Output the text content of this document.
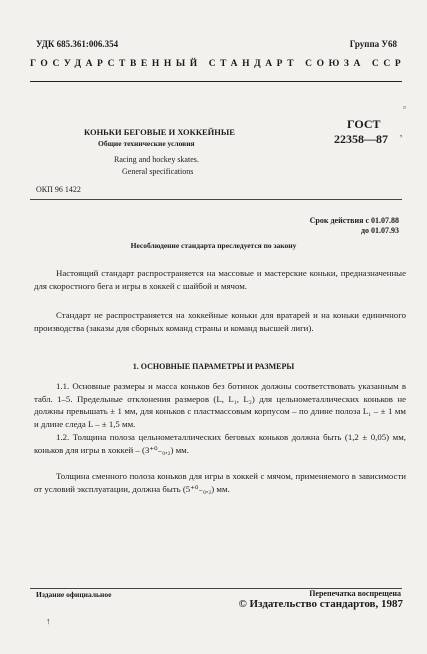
УДК 685.361:006.354	Группа У68
ГОСУДАРСТВЕННЫЙ СТАНДАРТ СОЮЗА ССР
▫
,
КОНЬКИ БЕГОВЫЕ И ХОККЕЙНЫЕ
Общие технические условия
Racing and hockey skates.
General specifications
ГОСТ
22358—87
ОКП 96 1422
Срок действия с 01.07.88
до 01.07.93
Несоблюдение стандарта преследуется по закону
Настоящий стандарт распространяется на массовые и мастерские коньки, предназначенные для скоростного бега и игры в хоккей с шайбой и мячом.
Стандарт не распространяется на хоккейные коньки для вратарей и на коньки единичного производства (заказы для сборных команд страны и команд высшей лиги).
1. ОСНОВНЫЕ ПАРАМЕТРЫ И РАЗМЕРЫ
1.1. Основные размеры и масса коньков без ботинок должны соответствовать указанным в табл. 1–5. Предельные отклонения размеров (L, L₁, L₂) для цельнометаллических коньков не должны превышать ± 1 мм, для коньков с пластмассовым корпусом – по длине полоза L₁ – ± 1 мм и длине следа L – ± 1,5 мм.
1.2. Толщина полоза цельнометаллических беговых коньков должна быть (1,2 ± 0,05) мм, коньков для игры в хоккей – (3⁺⁰₋₀,₂) мм.
Толщина сменного полоза коньков для игры в хоккей с мячом, применяемого в зависимости от условий эксплуатации, должна быть (5⁺⁰₋₀,₂) мм.
Издание официальное	Перепечатка воспрещена
© Издательство стандартов, 1987
↑
